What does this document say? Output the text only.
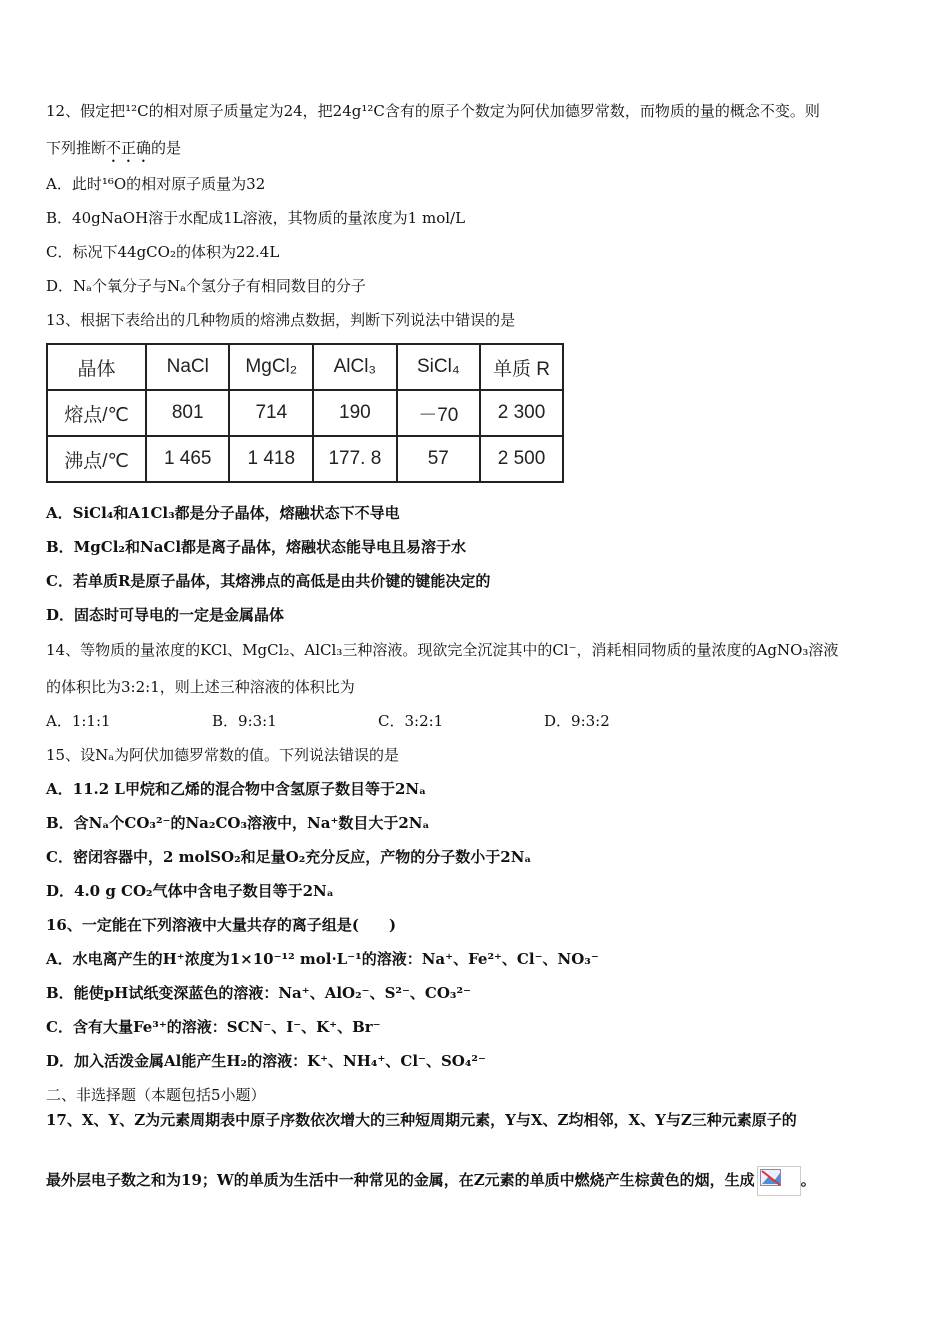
12、假定把¹²C的相对原子质量定为24，把24g¹²C含有的原子个数定为阿伏加德罗常数，而物质的量的概念不变。则
下列推断不正确的是
A．此时¹⁶O的相对原子质量为32
B．40gNaOH溶于水配成1L溶液，其物质的量浓度为1 mol/L
C．标况下44gCO₂的体积为22.4L
D．Nₐ个氧分子与Nₐ个氢分子有相同数目的分子
13、根据下表给出的几种物质的熔沸点数据，判断下列说法中错误的是
晶体	NaCl	MgCl₂	AlCl₃	SiCl₄	单质 R
熔点/℃	801	714	190	－70	2 300
沸点/℃	1 465	1 418	177. 8	57	2 500
A．SiCl₄和A1Cl₃都是分子晶体，熔融状态下不导电
B．MgCl₂和NaCl都是离子晶体，熔融状态能导电且易溶于水
C．若单质R是原子晶体，其熔沸点的高低是由共价键的键能决定的
D．固态时可导电的一定是金属晶体
14、等物质的量浓度的KCl、MgCl₂、AlCl₃三种溶液。现欲完全沉淀其中的Cl⁻，消耗相同物质的量浓度的AgNO₃溶液
的体积比为3:2:1，则上述三种溶液的体积比为
A．1:1:1	B．9:3:1	C．3:2:1	D．9:3:2
15、设Nₐ为阿伏加德罗常数的值。下列说法错误的是
A．11.2 L甲烷和乙烯的混合物中含氢原子数目等于2Nₐ
B．含Nₐ个CO₃²⁻的Na₂CO₃溶液中，Na⁺数目大于2Nₐ
C．密闭容器中，2 molSO₂和足量O₂充分反应，产物的分子数小于2Nₐ
D．4.0 g CO₂气体中含电子数目等于2Nₐ
16、一定能在下列溶液中大量共存的离子组是(　　)
A．水电离产生的H⁺浓度为1×10⁻¹² mol·L⁻¹的溶液：Na⁺、Fe²⁺、Cl⁻、NO₃⁻
B．能使pH试纸变深蓝色的溶液：Na⁺、AlO₂⁻、S²⁻、CO₃²⁻
C．含有大量Fe³⁺的溶液：SCN⁻、I⁻、K⁺、Br⁻
D．加入活泼金属Al能产生H₂的溶液：K⁺、NH₄⁺、Cl⁻、SO₄²⁻
二、非选择题（本题包括5小题）
17、X、Y、Z为元素周期表中原子序数依次增大的三种短周期元素，Y与X、Z均相邻，X、Y与Z三种元素原子的
最外层电子数之和为19；W的单质为生活中一种常见的金属，在Z元素的单质中燃烧产生棕黄色的烟，生成	。
